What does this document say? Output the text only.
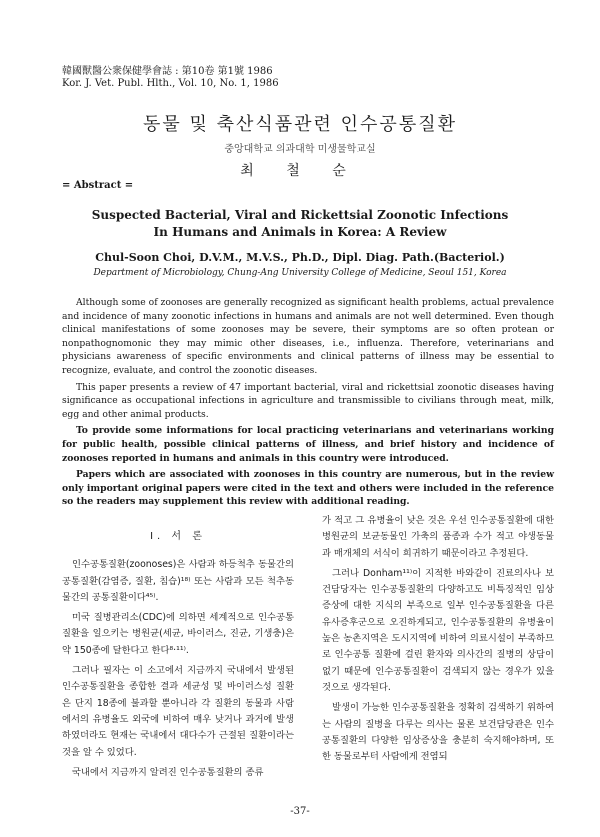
韓國獸醫公衆保健學會誌 : 第10卷 第1號 1986
Kor. J. Vet. Publ. Hlth., Vol. 10, No. 1, 1986
동물 및 축산식품관련 인수공통질환
중앙대학교 의과대학 미생물학교실
최 철 순
= Abstract =
Suspected Bacterial, Viral and Rickettsial Zoonotic Infections
In Humans and Animals in Korea: A Review
Chul-Soon Choi, D.V.M., M.V.S., Ph.D., Dipl. Diag. Path.(Bacteriol.)
Department of Microbiology, Chung-Ang University College of Medicine, Seoul 151, Korea

Although some of zoonoses are generally recognized as significant health problems, actual prevalence and incidence of many zoonotic infections in humans and animals are not well determined. Even though clinical manifestations of some zoonoses may be severe, their symptoms are so often protean or nonpathognomonic they may mimic other diseases, i.e., influenza. Therefore, veterinarians and physicians awareness of specific environments and clinical patterns of illness may be essential to recognize, evaluate, and control the zoonotic diseases.

This paper presents a review of 47 important bacterial, viral and rickettsial zoonotic diseases having significance as occupational infections in agriculture and transmissible to civilians through meat, milk, egg and other animal products.

To provide some informations for local practicing veterinarians and veterinarians working for public health, possible clinical patterns of illness, and brief history and incidence of zoonoses reported in humans and animals in this country were introduced.

Papers which are associated with zoonoses in this country are numerous, but in the review only important original papers were cited in the text and others were included in the reference so the readers may supplement this review with additional reading.

I. 서 론

인수공통질환(zoonoses)은 사람과 하등척추 동물간의 공통질환(감염증, 질환, 침습)¹⁸⁾ 또는 사람과 모든 척추동물간의 공통질환이다⁴⁵⁾.

미국 질병관리소(CDC)에 의하면 세계적으로 인수공통질환을 일으키는 병원균(세균, 바이러스, 진균, 기생충)은 약 150종에 달한다고 한다⁸·¹¹⁾.

그러나 필자는 이 소고에서 지금까지 국내에서 발생된 인수공통질환을 종합한 결과 세균성 및 바이러스성 질환은 단지 18종에 불과할 뿐아니라 각 질환의 동물과 사람에서의 유병율도 외국에 비하여 매우 낮거나 과거에 발생하였더라도 현재는 국내에서 대다수가 근절된 질환이라는 것을 알 수 있었다.

국내에서 지금까지 알려진 인수공통질환의 종류

가 적고 그 유병율이 낮은 것은 우선 인수공통질환에 대한 병원균의 보균동물인 가축의 품종과 수가 적고 야생동물과 매개체의 서식이 희귀하기 때문이라고 추정된다.

그러나 Donham¹¹⁾이 지적한 바와같이 진료의사나 보건담당자는 인수공통질환의 다양하고도 비특징적인 임상증상에 대한 지식의 부족으로 일부 인수공통질환을 다른 유사증후군으로 오진하게되고, 인수공통질환의 유병율이 높은 농촌지역은 도시지역에 비하여 의료시설이 부족하므로 인수공통 질환에 걸린 환자와 의사간의 질병의 상담이 없기 때문에 인수공통질환이 검색되지 않는 경우가 있을 것으로 생각된다.

발생이 가능한 인수공통질환을 정확히 검색하기 위하여는 사람의 질병을 다루는 의사는 물론 보건담당관은 인수공통질환의 다양한 임상증상을 충분히 숙지해야하며, 또한 동물로부터 사람에게 전염되

-37-
